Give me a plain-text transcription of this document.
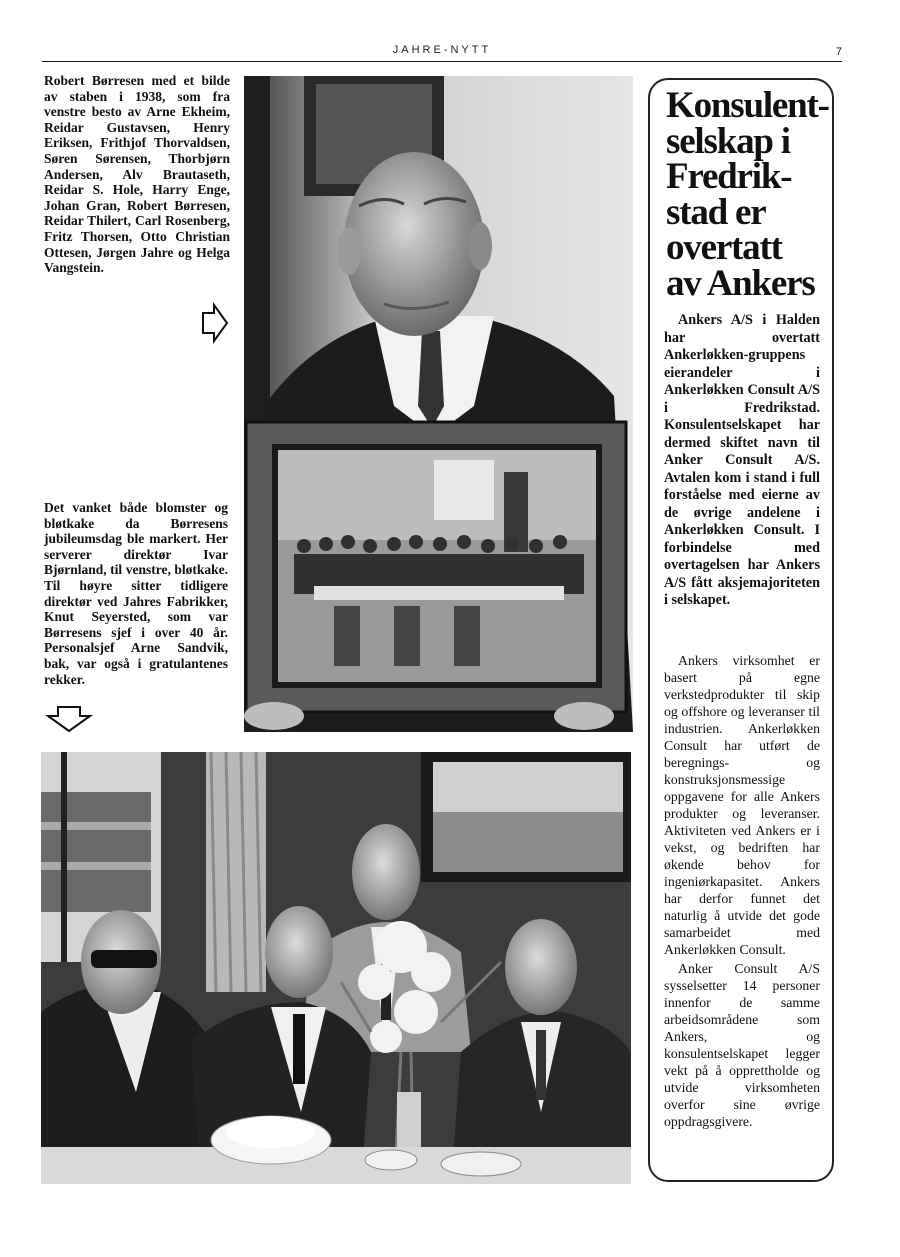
JAHRE-NYTT	7
Robert Børresen med et bilde av staben i 1938, som fra venstre besto av Arne Ekheim, Reidar Gustavsen, Henry Eriksen, Frithjof Thorvaldsen, Søren Sørensen, Thorbjørn Andersen, Alv Brautaseth, Reidar S. Hole, Harry Enge, Johan Gran, Robert Børresen, Reidar Thilert, Carl Rosenberg, Fritz Thorsen, Otto Christian Ottesen, Jørgen Jahre og Helga Vangstein.
Det vanket både blomster og bløtkake da Børresens jubileumsdag ble markert. Her serverer direktør Ivar Bjørnland, til venstre, bløtkake. Til høyre sitter tidligere direktør ved Jahres Fabrikker, Knut Seyersted, som var Børresens sjef i over 40 år. Personalsjef Arne Sandvik, bak, var også i gratulantenes rekker.
Konsulent-
selskap i
Fredrik-
stad er
overtatt
av Ankers

Ankers A/S i Halden har overtatt Ankerløkken-gruppens eierandeler i Ankerløkken Consult A/S i Fredrikstad. Konsulentselskapet har dermed skiftet navn til Anker Consult A/S. Avtalen kom i stand i full forståelse med eierne av de øvrige andelene i Ankerløkken Consult. I forbindelse med overtagelsen har Ankers A/S fått aksjemajoriteten i selskapet.

Ankers virksomhet er basert på egne verkstedprodukter til skip og offshore og leveranser til industrien. Ankerløkken Consult har utført de beregnings- og konstruksjonsmessige oppgavene for alle Ankers produkter og leveranser. Aktiviteten ved Ankers er i vekst, og bedriften har økende behov for ingeniørkapasitet. Ankers har derfor funnet det naturlig å utvide det gode samarbeidet med Ankerløkken Consult.

Anker Consult A/S sysselsetter 14 personer innenfor de samme arbeidsområdene som Ankers, og konsulentselskapet legger vekt på å opprettholde og utvide virksomheten overfor sine øvrige oppdragsgivere.
